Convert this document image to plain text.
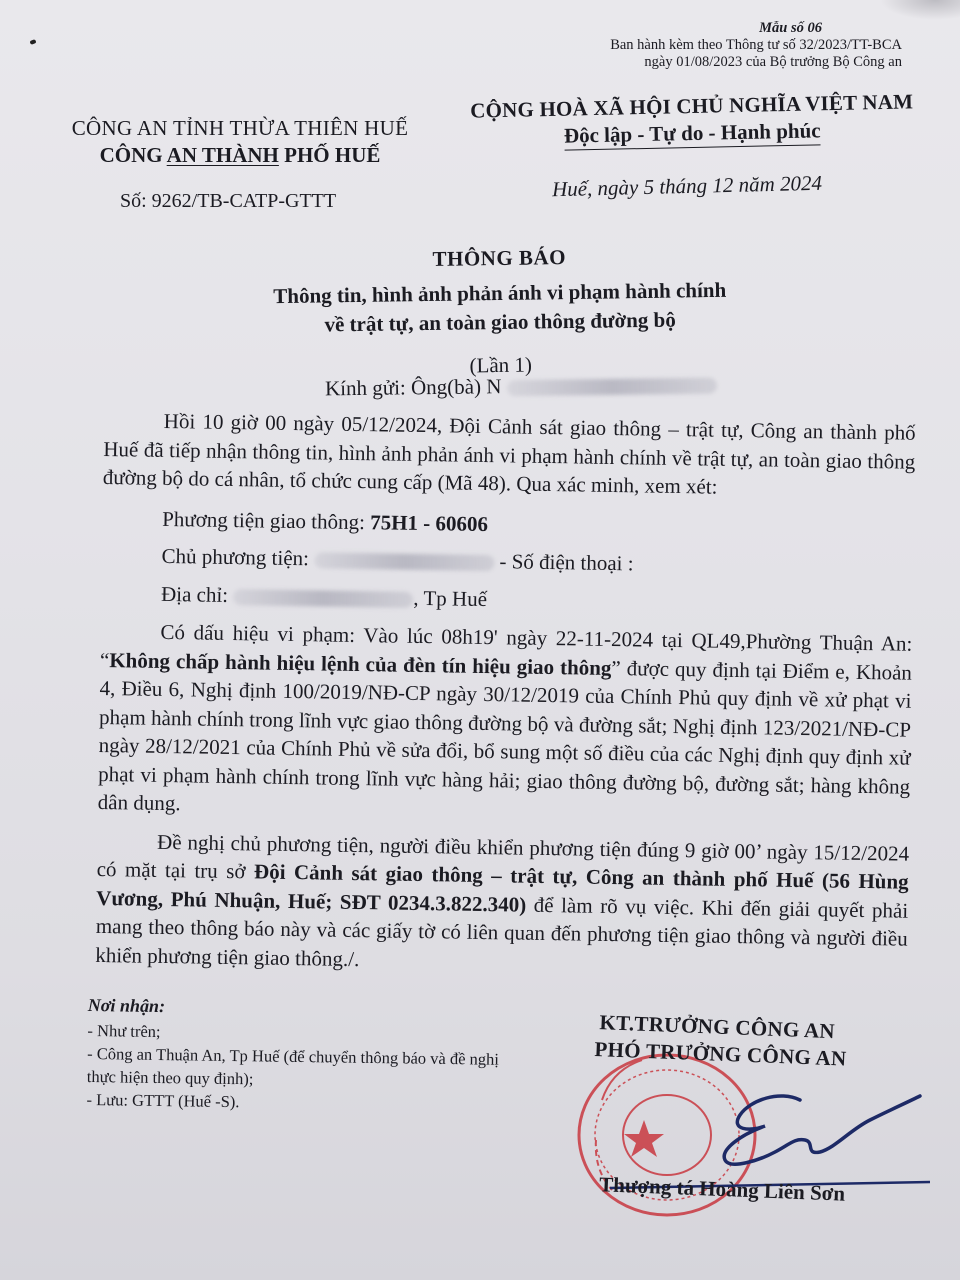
Mẫu số 06
Ban hành kèm theo Thông tư số 32/2023/TT-BCA
ngày 01/08/2023 của Bộ trưởng Bộ Công an
CÔNG AN TỈNH THỪA THIÊN HUẾ
CÔNG AN THÀNH PHỐ HUẾ
CỘNG HOÀ XÃ HỘI CHỦ NGHĨA VIỆT NAM
Độc lập - Tự do - Hạnh phúc
Số: 9262/TB-CATP-GTTT	Huế, ngày 5 tháng 12 năm 2024
THÔNG BÁO
Thông tin, hình ảnh phản ánh vi phạm hành chính
về trật tự, an toàn giao thông đường bộ
(Lần 1)
Kính gửi: Ông(bà) N

Hồi 10 giờ 00 ngày 05/12/2024, Đội Cảnh sát giao thông – trật tự, Công an thành phố Huế đã tiếp nhận thông tin, hình ảnh phản ánh vi phạm hành chính về trật tự, an toàn giao thông đường bộ do cá nhân, tổ chức cung cấp (Mã 48). Qua xác minh, xem xét:

Phương tiện giao thông: 75H1 - 60606
Chủ phương tiện:	- Số điện thoại :
Địa chỉ:	, Tp Huế

Có dấu hiệu vi phạm: Vào lúc 08h19' ngày 22-11-2024 tại QL49,Phường Thuận An: “Không chấp hành hiệu lệnh của đèn tín hiệu giao thông” được quy định tại Điểm e, Khoản 4, Điều 6, Nghị định 100/2019/NĐ-CP ngày 30/12/2019 của Chính Phủ quy định về xử phạt vi phạm hành chính trong lĩnh vực giao thông đường bộ và đường sắt; Nghị định 123/2021/NĐ-CP ngày 28/12/2021 của Chính Phủ về sửa đổi, bổ sung một số điều của các Nghị định quy định xử phạt vi phạm hành chính trong lĩnh vực hàng hải; giao thông đường bộ, đường sắt; hàng không dân dụng.

Đề nghị chủ phương tiện, người điều khiển phương tiện đúng 9 giờ 00’ ngày 15/12/2024 có mặt tại trụ sở Đội Cảnh sát giao thông – trật tự, Công an thành phố Huế (56 Hùng Vương, Phú Nhuận, Huế; SĐT 0234.3.822.340) để làm rõ vụ việc. Khi đến giải quyết phải mang theo thông báo này và các giấy tờ có liên quan đến phương tiện giao thông và người điều khiển phương tiện giao thông./.

Nơi nhận:
- Như trên;
- Công an Thuận An, Tp Huế (để chuyển thông báo và đề nghị thực hiện theo quy định);
- Lưu: GTTT (Huế -S).
KT.TRƯỞNG CÔNG AN
PHÓ TRƯỞNG CÔNG AN
Thượng tá Hoàng Liên Sơn
